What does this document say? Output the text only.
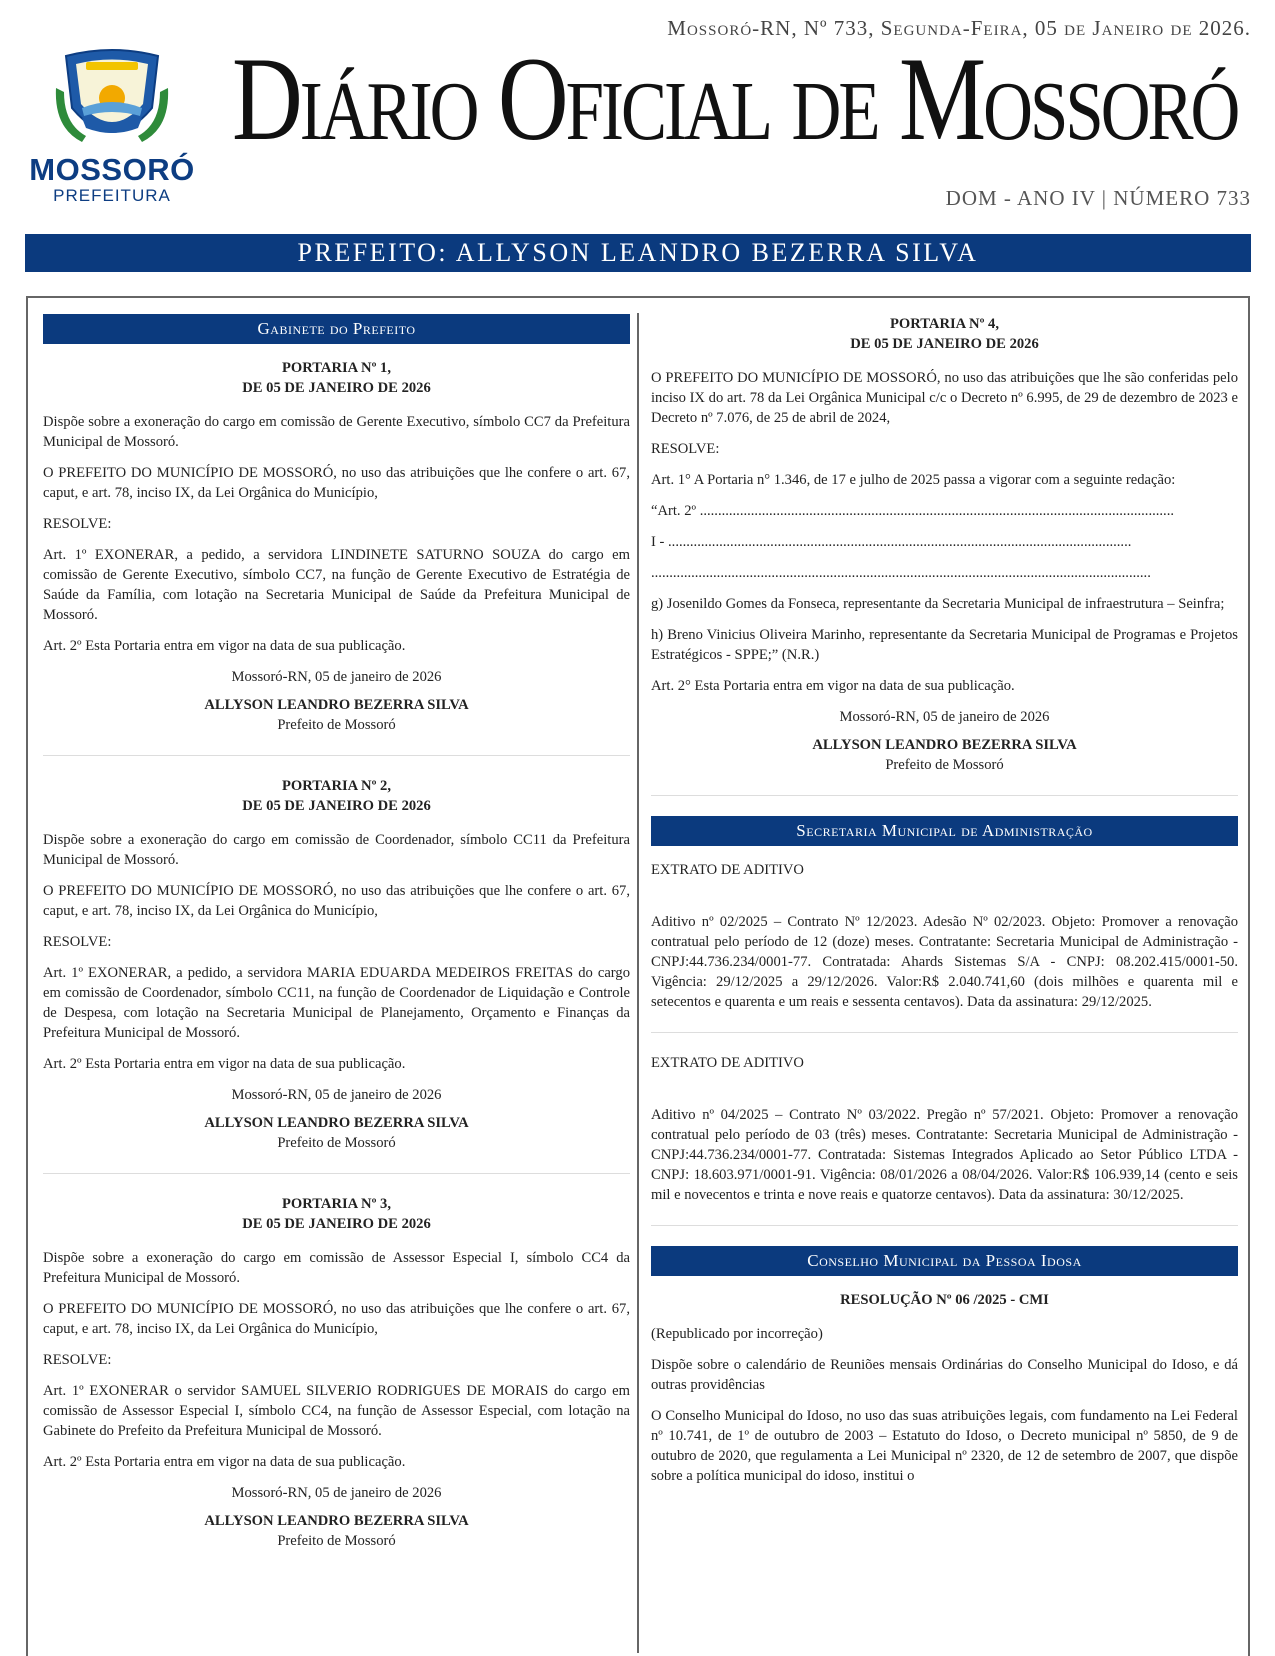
MOSSORÓ
PREFEITURA
Mossoró-RN, Nº 733, Segunda-Feira, 05 de Janeiro de 2026.
Diário Oficial de Mossoró
DOM - ANO IV | NÚMERO 733
PREFEITO: ALLYSON LEANDRO BEZERRA SILVA
Gabinete do Prefeito
PORTARIA Nº 1,
DE 05 DE JANEIRO DE 2026

Dispõe sobre a exoneração do cargo em comissão de Gerente Executivo, símbolo CC7 da Prefeitura Municipal de Mossoró.

O PREFEITO DO MUNICÍPIO DE MOSSORÓ, no uso das atribuições que lhe confere o art. 67, caput, e art. 78, inciso IX, da Lei Orgânica do Município,

RESOLVE:

Art. 1º EXONERAR, a pedido, a servidora LINDINETE SATURNO SOUZA do cargo em comissão de Gerente Executivo, símbolo CC7, na função de Gerente Executivo de Estratégia de Saúde da Família, com lotação na Secretaria Municipal de Saúde da Prefeitura Municipal de Mossoró.

Art. 2º Esta Portaria entra em vigor na data de sua publicação.

Mossoró-RN, 05 de janeiro de 2026
ALLYSON LEANDRO BEZERRA SILVA
Prefeito de Mossoró
PORTARIA Nº 2,
DE 05 DE JANEIRO DE 2026

Dispõe sobre a exoneração do cargo em comissão de Coordenador, símbolo CC11 da Prefeitura Municipal de Mossoró.

O PREFEITO DO MUNICÍPIO DE MOSSORÓ, no uso das atribuições que lhe confere o art. 67, caput, e art. 78, inciso IX, da Lei Orgânica do Município,

RESOLVE:

Art. 1º EXONERAR, a pedido, a servidora MARIA EDUARDA MEDEIROS FREITAS do cargo em comissão de Coordenador, símbolo CC11, na função de Coordenador de Liquidação e Controle de Despesa, com lotação na Secretaria Municipal de Planejamento, Orçamento e Finanças da Prefeitura Municipal de Mossoró.

Art. 2º Esta Portaria entra em vigor na data de sua publicação.

Mossoró-RN, 05 de janeiro de 2026
ALLYSON LEANDRO BEZERRA SILVA
Prefeito de Mossoró
PORTARIA Nº 3,
DE 05 DE JANEIRO DE 2026

Dispõe sobre a exoneração do cargo em comissão de Assessor Especial I, símbolo CC4 da Prefeitura Municipal de Mossoró.

O PREFEITO DO MUNICÍPIO DE MOSSORÓ, no uso das atribuições que lhe confere o art. 67, caput, e art. 78, inciso IX, da Lei Orgânica do Município,

RESOLVE:

Art. 1º EXONERAR o servidor SAMUEL SILVERIO RODRIGUES DE MORAIS do cargo em comissão de Assessor Especial I, símbolo CC4, na função de Assessor Especial, com lotação na Gabinete do Prefeito da Prefeitura Municipal de Mossoró.

Art. 2º Esta Portaria entra em vigor na data de sua publicação.

Mossoró-RN, 05 de janeiro de 2026
ALLYSON LEANDRO BEZERRA SILVA
Prefeito de Mossoró
PORTARIA Nº 4,
DE 05 DE JANEIRO DE 2026

O PREFEITO DO MUNICÍPIO DE MOSSORÓ, no uso das atribuições que lhe são conferidas pelo inciso IX do art. 78 da Lei Orgânica Municipal c/c o Decreto nº 6.995, de 29 de dezembro de 2023 e Decreto nº 7.076, de 25 de abril de 2024,

RESOLVE:

Art. 1° A Portaria n° 1.346, de 17 e julho de 2025 passa a vigorar com a seguinte redação:

“Art. 2º ..................................................................................................................................

I - ...............................................................................................................................

.........................................................................................................................................

g) Josenildo Gomes da Fonseca, representante da Secretaria Municipal de infraestrutura – Seinfra;

h) Breno Vinicius Oliveira Marinho, representante da Secretaria Municipal de Programas e Projetos Estratégicos - SPPE;” (N.R.)

Art. 2° Esta Portaria entra em vigor na data de sua publicação.

Mossoró-RN, 05 de janeiro de 2026
ALLYSON LEANDRO BEZERRA SILVA
Prefeito de Mossoró
Secretaria Municipal de Administração

EXTRATO DE ADITIVO

Aditivo nº 02/2025 – Contrato Nº 12/2023. Adesão Nº 02/2023. Objeto: Promover a renovação contratual pelo período de 12 (doze) meses. Contratante: Secretaria Municipal de Administração - CNPJ:44.736.234/0001-77. Contratada: Ahards Sistemas S/A - CNPJ: 08.202.415/0001-50. Vigência: 29/12/2025 a 29/12/2026. Valor:R$ 2.040.741,60 (dois milhões e quarenta mil e setecentos e quarenta e um reais e sessenta centavos). Data da assinatura: 29/12/2025.

EXTRATO DE ADITIVO

Aditivo nº 04/2025 – Contrato Nº 03/2022. Pregão nº 57/2021. Objeto: Promover a renovação contratual pelo período de 03 (três) meses. Contratante: Secretaria Municipal de Administração - CNPJ:44.736.234/0001-77. Contratada: Sistemas Integrados Aplicado ao Setor Público LTDA - CNPJ: 18.603.971/0001-91. Vigência: 08/01/2026 a 08/04/2026. Valor:R$ 106.939,14 (cento e seis mil e novecentos e trinta e nove reais e quatorze centavos). Data da assinatura: 30/12/2025.

Conselho Municipal da Pessoa Idosa
RESOLUÇÃO Nº 06 /2025 - CMI

(Republicado por incorreção)

Dispõe sobre o calendário de Reuniões mensais Ordinárias do Conselho Municipal do Idoso, e dá outras providências

O Conselho Municipal do Idoso, no uso das suas atribuições legais, com fundamento na Lei Federal nº 10.741, de 1º de outubro de 2003 – Estatuto do Idoso, o Decreto municipal nº 5850, de 9 de outubro de 2020, que regulamenta a Lei Municipal nº 2320, de 12 de setembro de 2007, que dispõe sobre a política municipal do idoso, institui o
